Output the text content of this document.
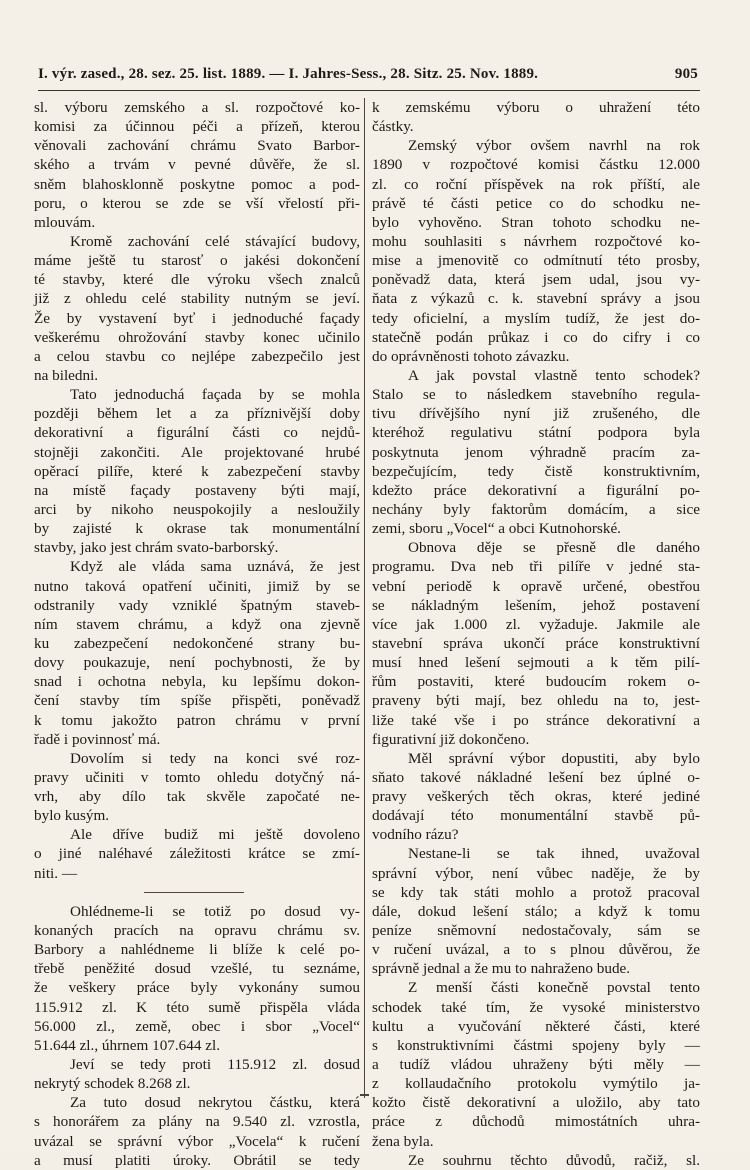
I. výr. zased., 28. sez. 25. list. 1889. — I. Jahres-Sess., 28. Sitz. 25. Nov. 1889.	905
sl. výboru zemského a sl. rozpočtové ko-
komisi za účinnou péči a přízeň, kterou
věnovali zachování chrámu Svato Barbor-
ského a trvám v pevné důvěře, že sl.
sněm blahosklonně poskytne pomoc a pod-
poru, o kterou se zde se vší vřelostí při-
mlouvám.
Kromě zachování celé stávající budovy,
máme ještě tu starosť o jakési dokončení
té stavby, které dle výroku všech znalců
již z ohledu celé stability nutným se jeví.
Že by vystavení byť i jednoduché façady
veškerému ohrožování stavby konec učinilo
a celou stavbu co nejlépe zabezpečilo jest
na biledni.
Tato jednoduchá façada by se mohla
později během let a za příznivější doby
dekorativní a figurální části co nejdů-
stojněji zakončiti. Ale projektované hrubé
opěrací pilíře, které k zabezpečení stavby
na místě façady postaveny býti mají,
arci by nikoho neuspokojily a nesloužily
by zajisté k okrase tak monumentální
stavby, jako jest chrám svato-barborský.
Když ale vláda sama uznává, že jest
nutno taková opatření učiniti, jimiž by se
odstranily vady vzniklé špatným staveb-
ním stavem chrámu, a když ona zjevně
ku zabezpečení nedokončené strany bu-
dovy poukazuje, není pochybnosti, že by
snad i ochotna nebyla, ku lepšímu dokon-
čení stavby tím spíše přispěti, poněvadž
k tomu jakožto patron chrámu v první
řadě i povinnosť má.
Dovolím si tedy na konci své roz-
pravy učiniti v tomto ohledu dotyčný ná-
vrh, aby dílo tak skvěle započaté ne-
bylo kusým.
Ale dříve budiž mi ještě dovoleno
o jiné naléhavé záležitosti krátce se zmí-
niti. —
Ohlédneme-li se totiž po dosud vy-
konaných pracích na opravu chrámu sv.
Barbory a nahlédneme li blíže k celé po-
třebě peněžité dosud vzešlé, tu seznáme,
že veškery práce byly vykonány sumou
115.912 zl. K této sumě přispěla vláda
56.000 zl., země, obec i sbor „Vocel“
51.644 zl., úhrnem 107.644 zl.
Jeví se tedy proti 115.912 zl. dosud
nekrytý schodek 8.268 zl.
Za tuto dosud nekrytou částku, která
s honorářem za plány na 9.540 zl. vzrostla,
uvázal se správní výbor „Vocela“ k ručení
a musí platiti úroky. Obrátil se tedy
k zemskému výboru o uhražení této
částky.
Zemský výbor ovšem navrhl na rok
1890 v rozpočtové komisi částku 12.000
zl. co roční příspěvek na rok příští, ale
právě té části petice co do schodku ne-
bylo vyhověno. Stran tohoto schodku ne-
mohu souhlasiti s návrhem rozpočtové ko-
mise a jmenovitě co odmítnutí této prosby,
poněvadž data, která jsem udal, jsou vy-
ňata z výkazů c. k. stavební správy a jsou
tedy oficielní, a myslím tudíž, že jest do-
statečně podán průkaz i co do cifry i co
do oprávněnosti tohoto závazku.
A jak povstal vlastně tento schodek?
Stalo se to následkem stavebního regula-
tivu dřívějšího nyní již zrušeného, dle
kteréhož regulativu státní podpora byla
poskytnuta jenom výhradně pracím za-
bezpečujícím, tedy čistě konstruktivním,
kdežto práce dekorativní a figurální po-
nechány byly faktorům domácím, a sice
zemi, sboru „Vocel“ a obci Kutnohorské.
Obnova děje se přesně dle daného
programu. Dva neb tři pilíře v jedné sta-
vební periodě k opravě určené, obestřou
se nákladným lešením, jehož postavení
více jak 1.000 zl. vyžaduje. Jakmile ale
stavební správa ukončí práce konstruktivní
musí hned lešení sejmouti a k těm pilí-
řům postaviti, které budoucím rokem o-
praveny býti mají, bez ohledu na to, jest-
liže také vše i po stránce dekorativní a
figurativní již dokončeno.
Měl správní výbor dopustiti, aby bylo
sňato takové nákladné lešení bez úplné o-
pravy veškerých těch okras, které jediné
dodávají této monumentální stavbě pů-
vodního rázu?
Nestane-li se tak ihned, uvažoval
správní výbor, není vůbec naděje, že by
se kdy tak státi mohlo a protož pracoval
dále, dokud lešení stálo; a když k tomu
peníze sněmovní nedostačovaly, sám se
v ručení uvázal, a to s plnou důvěrou, že
správně jednal a že mu to nahraženo bude.
Z menší části konečně povstal tento
schodek také tím, že vysoké ministerstvo
kultu a vyučování některé části, které
s konstruktivními částmi spojeny byly —
a tudíž vládou uhraženy býti měly —
z kollaudačního protokolu vymýtilo ja-
kožto čistě dekorativní a uložilo, aby tato
práce z důchodů mimostátních uhra-
žena byla.
Ze souhrnu těchto důvodů, račiž, sl.
